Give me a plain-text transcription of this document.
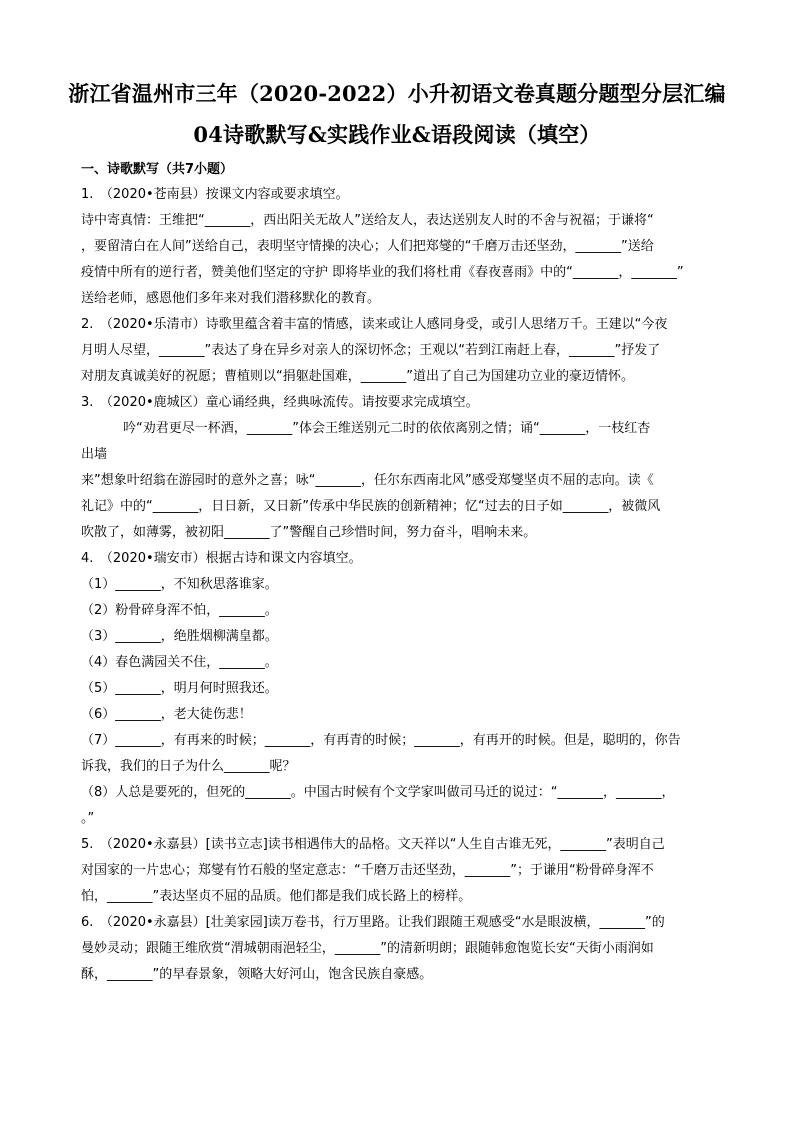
浙江省温州市三年（2020-2022）小升初语文卷真题分题型分层汇编
04诗歌默写&实践作业&语段阅读（填空）
一、诗歌默写（共7小题）
1.　（2020•苍南县）按课文内容或要求填空。
诗中寄真情：王维把“_______，西出阳关无故人”送给友人，表达送别友人时的不舍与祝福；于谦将“
，要留清白在人间”送给自己，表明坚守情操的决心；人们把郑燮的“千磨万击还坚劲，_______”送给
疫情中所有的逆行者，赞美他们坚定的守护 即将毕业的我们将杜甫《春夜喜雨》中的“_______，_______”
送给老师，感恩他们多年来对我们潜移默化的教育。
2.　（2020•乐清市）诗歌里蕴含着丰富的情感，读来或让人感同身受，或引人思绪万千。王建以“今夜
月明人尽望，_______”表达了身在异乡对亲人的深切怀念；王观以“若到江南赶上春，_______”抒发了
对朋友真诚美好的祝愿；曹植则以“捐躯赴国难，_______”道出了自己为国建功立业的豪迈情怀。
3.　（2020•鹿城区）童心诵经典，经典咏流传。请按要求完成填空。
吟“劝君更尽一杯酒，_______”体会王维送别元二时的依依离别之情；诵“_______，一枝红杏
出墙
来”想象叶绍翁在游园时的意外之喜；咏“_______，任尔东西南北风”感受郑燮坚贞不屈的志向。读《
礼记》中的“_______，日日新，又日新”传承中华民族的创新精神；忆“过去的日子如_______，被微风
吹散了，如薄雾，被初阳_______了”警醒自己珍惜时间，努力奋斗，唱响未来。
4.　（2020•瑞安市）根据古诗和课文内容填空。
（1）_______，不知秋思落谁家。
（2）粉骨碎身浑不怕，_______。
（3）_______，绝胜烟柳满皇都。
（4）春色满园关不住，_______。
（5）_______，明月何时照我还。
（6）_______，老大徒伤悲！
（7）_______，有再来的时候；_______，有再青的时候；_______，有再开的时候。但是，聪明的，你告
诉我，我们的日子为什么_______呢？
（8）人总是要死的，但死的_______。中国古时候有个文学家叫做司马迁的说过：“_______，_______，
。”
5.　（2020•永嘉县）[读书立志]读书相遇伟大的品格。文天祥以“人生自古谁无死，_______”表明自己
对国家的一片忠心；郑燮有竹石般的坚定意志：“千磨万击还坚劲，_______”；于谦用“粉骨碎身浑不
怕，_______”表达坚贞不屈的品质。他们都是我们成长路上的榜样。
6.　（2020•永嘉县）[壮美家园]读万卷书，行万里路。让我们跟随王观感受“水是眼波横，_______”的
曼妙灵动；跟随王维欣赏“渭城朝雨浥轻尘，_______”的清新明朗；跟随韩愈饱览长安“天街小雨润如
酥，_______”的早春景象，领略大好河山，饱含民族自豪感。
